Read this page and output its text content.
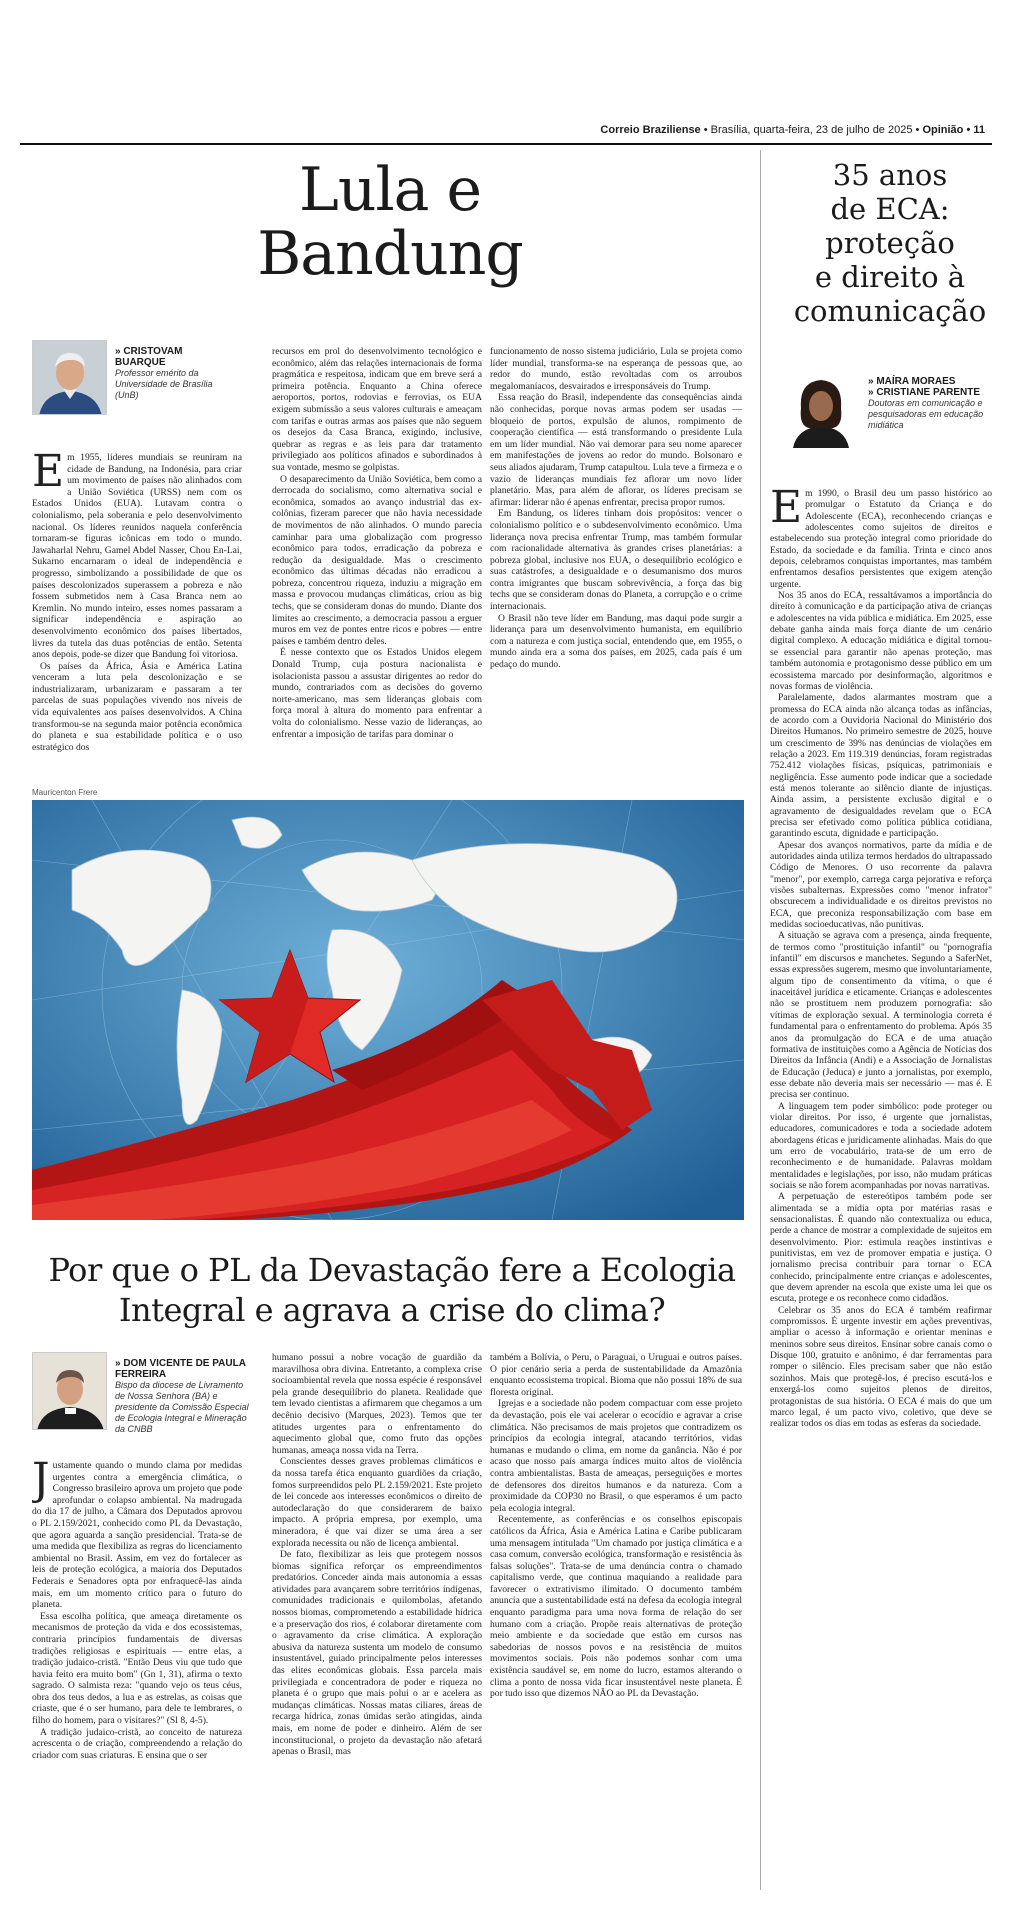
Correio Braziliense • Brasília, quarta-feira, 23 de julho de 2025 • Opinião • 11
Lula e
Bandung
» CRISTOVAM BUARQUE
Professor emérito da Universidade de Brasília (UnB)

Em 1955, líderes mundiais se reuniram na cidade de Bandung, na Indonésia, para criar um movimento de países não alinhados com a União Soviética (URSS) nem com os Estados Unidos (EUA). Lutavam contra o colonialismo, pela soberania e pelo desenvolvimento nacional. Os líderes reunidos naquela conferência tornaram-se figuras icônicas em todo o mundo. Jawaharlal Nehru, Gamel Abdel Nasser, Chou En-Lai, Sukarno encarnaram o ideal de independência e progresso, simbolizando a possibilidade de que os países descolonizados superassem a pobreza e não fossem submetidos nem à Casa Branca nem ao Kremlin. No mundo inteiro, esses nomes passaram a significar independência e aspiração ao desenvolvimento econômico dos países libertados, livres da tutela das duas potências de então. Setenta anos depois, pode-se dizer que Bandung foi vitoriosa.

Os países da África, Ásia e América Latina venceram a luta pela descolonização e se industrializaram, urbanizaram e passaram a ter parcelas de suas populações vivendo nos níveis de vida equivalentes aos países desenvolvidos. A China transformou-se na segunda maior potência econômica do planeta e sua estabilidade política e o uso estratégico dos

recursos em prol do desenvolvimento tecnológico e econômico, além das relações internacionais de forma pragmática e respeitosa, indicam que em breve será a primeira potência. Enquanto a China oferece aeroportos, portos, rodovias e ferrovias, os EUA exigem submissão a seus valores culturais e ameaçam com tarifas e outras armas aos países que não seguem os desejos da Casa Branca, exigindo, inclusive, quebrar as regras e as leis para dar tratamento privilegiado aos políticos afinados e subordinados à sua vontade, mesmo se golpistas.

O desaparecimento da União Soviética, bem como a derrocada do socialismo, como alternativa social e econômica, somados ao avanço industrial das ex-colônias, fizeram parecer que não havia necessidade de movimentos de não alinhados. O mundo parecia caminhar para uma globalização com progresso econômico para todos, erradicação da pobreza e redução da desigualdade. Mas o crescimento econômico das últimas décadas não erradicou a pobreza, concentrou riqueza, induziu a migração em massa e provocou mudanças climáticas, criou as big techs, que se consideram donas do mundo. Diante dos limites ao crescimento, a democracia passou a erguer muros em vez de pontes entre ricos e pobres — entre países e também dentro deles.

É nesse contexto que os Estados Unidos elegem Donald Trump, cuja postura nacionalista e isolacionista passou a assustar dirigentes ao redor do mundo, contrariados com as decisões do governo norte-americano, mas sem lideranças globais com força moral à altura do momento para enfrentar a volta do colonialismo. Nesse vazio de lideranças, ao enfrentar a imposição de tarifas para dominar o

funcionamento de nosso sistema judiciário, Lula se projeta como líder mundial, transforma-se na esperança de pessoas que, ao redor do mundo, estão revoltadas com os arroubos megalomaníacos, desvairados e irresponsáveis do Trump.

Essa reação do Brasil, independente das consequências ainda não conhecidas, porque novas armas podem ser usadas — bloqueio de portos, expulsão de alunos, rompimento de cooperação científica — está transformando o presidente Lula em um líder mundial. Não vai demorar para seu nome aparecer em manifestações de jovens ao redor do mundo. Bolsonaro e seus aliados ajudaram, Trump catapultou. Lula teve a firmeza e o vazio de lideranças mundiais fez aflorar um novo líder planetário. Mas, para além de aflorar, os líderes precisam se afirmar: liderar não é apenas enfrentar, precisa propor rumos.

Em Bandung, os líderes tinham dois propósitos: vencer o colonialismo político e o subdesenvolvimento econômico. Uma liderança nova precisa enfrentar Trump, mas também formular com racionalidade alternativa às grandes crises planetárias: a pobreza global, inclusive nos EUA, o desequilíbrio ecológico e suas catástrofes, a desigualdade e o desumanismo dos muros contra imigrantes que buscam sobrevivência, a força das big techs que se consideram donas do Planeta, a corrupção e o crime internacionais.

O Brasil não teve líder em Bandung, mas daqui pode surgir a liderança para um desenvolvimento humanista, em equilíbrio com a natureza e com justiça social, entendendo que, em 1955, o mundo ainda era a soma dos países, em 2025, cada país é um pedaço do mundo.

Mauricenton Frere
Por que o PL da Devastação fere a Ecologia
Integral e agrava a crise do clima?
» DOM VICENTE DE PAULA FERREIRA
Bispo da diocese de Livramento de Nossa Senhora (BA) e presidente da Comissão Especial de Ecologia Integral e Mineração da CNBB

Justamente quando o mundo clama por medidas urgentes contra a emergência climática, o Congresso brasileiro aprova um projeto que pode aprofundar o colapso ambiental. Na madrugada do dia 17 de julho, a Câmara dos Deputados aprovou o PL 2.159/2021, conhecido como PL da Devastação, que agora aguarda a sanção presidencial. Trata-se de uma medida que flexibiliza as regras do licenciamento ambiental no Brasil. Assim, em vez do fortalecer as leis de proteção ecológica, a maioria dos Deputados Federais e Senadores opta por enfraquecê-las ainda mais, em um momento crítico para o futuro do planeta.

Essa escolha política, que ameaça diretamente os mecanismos de proteção da vida e dos ecossistemas, contraria princípios fundamentais de diversas tradições religiosas e espirituais — entre elas, a tradição judaico-cristã. "Então Deus viu que tudo que havia feito era muito bom" (Gn 1, 31), afirma o texto sagrado. O salmista reza: "quando vejo os teus céus, obra dos teus dedos, a lua e as estrelas, as coisas que criaste, que é o ser humano, para dele te lembrares, o filho do homem, para o visitares?" (Sl 8, 4-5).

A tradição judaico-cristã, ao conceito de natureza acrescenta o de criação, compreendendo a relação do criador com suas criaturas. E ensina que o ser

humano possui a nobre vocação de guardião da maravilhosa obra divina. Entretanto, a complexa crise socioambiental revela que nossa espécie é responsável pela grande desequilíbrio do planeta. Realidade que tem levado cientistas a afirmarem que chegamos a um decênio decisivo (Marques, 2023). Temos que ter atitudes urgentes para o enfrentamento do aquecimento global que, como fruto das opções humanas, ameaça nossa vida na Terra.

Conscientes desses graves problemas climáticos e da nossa tarefa ética enquanto guardiões da criação, fomos surpreendidos pelo PL 2.159/2021. Este projeto de lei concede aos interesses econômicos o direito de autodeclaração do que considerarem de baixo impacto. A própria empresa, por exemplo, uma mineradora, é que vai dizer se uma área a ser explorada necessita ou não de licença ambiental.

De fato, flexibilizar as leis que protegem nossos biomas significa reforçar os empreendimentos predatórios. Conceder ainda mais autonomia a essas atividades para avançarem sobre territórios indígenas, comunidades tradicionais e quilombolas, afetando nossos biomas, comprometendo a estabilidade hídrica e a preservação dos rios, é colaborar diretamente com o agravamento da crise climática. A exploração abusiva da natureza sustenta um modelo de consumo insustentável, guiado principalmente pelos interesses das elites econômicas globais. Essa parcela mais privilegiada e concentradora de poder e riqueza no planeta é o grupo que mais polui o ar e acelera as mudanças climáticas. Nossas matas ciliares, áreas de recarga hídrica, zonas úmidas serão atingidas, ainda mais, em nome de poder e dinheiro. Além de ser inconstitucional, o projeto da devastação não afetará apenas o Brasil, mas

também a Bolívia, o Peru, o Paraguai, o Uruguai e outros países. O pior cenário seria a perda de sustentabilidade da Amazônia enquanto ecossistema tropical. Bioma que não possui 18% de sua floresta original.

Igrejas e a sociedade não podem compactuar com esse projeto da devastação, pois ele vai acelerar o ecocídio e agravar a crise climática. Não precisamos de mais projetos que contradizem os princípios da ecologia integral, atacando territórios, vidas humanas e mudando o clima, em nome da ganância. Não é por acaso que nosso país amarga índices muito altos de violência contra ambientalistas. Basta de ameaças, perseguições e mortes de defensores dos direitos humanos e da natureza. Com a proximidade da COP30 no Brasil, o que esperamos é um pacto pela ecologia integral.

Recentemente, as conferências e os conselhos episcopais católicos da África, Ásia e América Latina e Caribe publicaram uma mensagem intitulada "Um chamado por justiça climática e a casa comum, conversão ecológica, transformação e resistência às falsas soluções". Trata-se de uma denúncia contra o chamado capitalismo verde, que continua maquiando a realidade para favorecer o extrativismo ilimitado. O documento também anuncia que a sustentabilidade está na defesa da ecologia integral enquanto paradigma para uma nova forma de relação do ser humano com a criação. Propõe reais alternativas de proteção meio ambiente e da sociedade que estão em cursos nas sabedorias de nossos povos e na resistência de muitos movimentos sociais. Pois não podemos sonhar com uma existência saudável se, em nome do lucro, estamos alterando o clima a ponto de nossa vida ficar insustentável neste planeta. É por tudo isso que dizemos NÃO ao PL da Devastação.

35 anos
de ECA:
proteção
e direito à
comunicação
» MAÍRA MORAES
» CRISTIANE PARENTE
Doutoras em comunicação e pesquisadoras em educação midiática

Em 1990, o Brasil deu um passo histórico ao promulgar o Estatuto da Criança e do Adolescente (ECA), reconhecendo crianças e adolescentes como sujeitos de direitos e estabelecendo sua proteção integral como prioridade do Estado, da sociedade e da família. Trinta e cinco anos depois, celebramos conquistas importantes, mas também enfrentamos desafios persistentes que exigem atenção urgente.

Nos 35 anos do ECA, ressaltávamos a importância do direito à comunicação e da participação ativa de crianças e adolescentes na vida pública e midiática. Em 2025, esse debate ganha ainda mais força diante de um cenário digital complexo. A educação midiática e digital tornou-se essencial para garantir não apenas proteção, mas também autonomia e protagonismo desse público em um ecossistema marcado por desinformação, algoritmos e novas formas de violência.

Paralelamente, dados alarmantes mostram que a promessa do ECA ainda não alcança todas as infâncias, de acordo com a Ouvidoria Nacional do Ministério dos Direitos Humanos. No primeiro semestre de 2025, houve um crescimento de 39% nas denúncias de violações em relação a 2023. Em 119.319 denúncias, foram registradas 752.412 violações físicas, psíquicas, patrimoniais e negligência. Esse aumento pode indicar que a sociedade está menos tolerante ao silêncio diante de injustiças. Ainda assim, a persistente exclusão digital e o agravamento de desigualdades revelam que o ECA precisa ser efetivado como política pública cotidiana, garantindo escuta, dignidade e participação.

Apesar dos avanços normativos, parte da mídia e de autoridades ainda utiliza termos herdados do ultrapassado Código de Menores. O uso recorrente da palavra "menor", por exemplo, carrega carga pejorativa e reforça visões subalternas. Expressões como "menor infrator" obscurecem a individualidade e os direitos previstos no ECA, que preconiza responsabilização com base em medidas socioeducativas, não punitivas.

A situação se agrava com a presença, ainda frequente, de termos como "prostituição infantil" ou "pornografia infantil" em discursos e manchetes. Segundo a SaferNet, essas expressões sugerem, mesmo que involuntariamente, algum tipo de consentimento da vítima, o que é inaceitável jurídica e eticamente. Crianças e adolescentes não se prostituem nem produzem pornografia: são vítimas de exploração sexual. A terminologia correta é fundamental para o enfrentamento do problema. Após 35 anos da promulgação do ECA e de uma atuação formativa de instituições como a Agência de Notícias dos Direitos da Infância (Andi) e a Associação de Jornalistas de Educação (Jeduca) e junto a jornalistas, por exemplo, esse debate não deveria mais ser necessário — mas é. E precisa ser continuo.

A linguagem tem poder simbólico: pode proteger ou violar direitos. Por isso, é urgente que jornalistas, educadores, comunicadores e toda a sociedade adotem abordagens éticas e juridicamente alinhadas. Mais do que um erro de vocabulário, trata-se de um erro de reconhecimento e de humanidade. Palavras moldam mentalidades e legislações, por isso, não mudam práticas sociais se não forem acompanhadas por novas narrativas.

A perpetuação de estereótipos também pode ser alimentada se a mídia opta por matérias rasas e sensacionalistas. É quando não contextualiza ou educa, perde a chance de mostrar a complexidade de sujeitos em desenvolvimento. Pior: estimula reações instintivas e punitivistas, em vez de promover empatia e justiça. O jornalismo precisa contribuir para tornar o ECA conhecido, principalmente entre crianças e adolescentes, que devem aprender na escola que existe uma lei que os escuta, protege e os reconhece como cidadãos.

Celebrar os 35 anos do ECA é também reafirmar compromissos. É urgente investir em ações preventivas, ampliar o acesso à informação e orientar meninas e meninos sobre seus direitos. Ensinar sobre canais como o Disque 100, gratuito e anônimo, é dar ferramentas para romper o silêncio. Eles precisam saber que não estão sozinhos. Mais que protegê-los, é preciso escutá-los e enxergá-los como sujeitos plenos de direitos, protagonistas de sua história. O ECA é mais do que um marco legal, é um pacto vivo, coletivo, que deve se realizar todos os dias em todas as esferas da sociedade.
